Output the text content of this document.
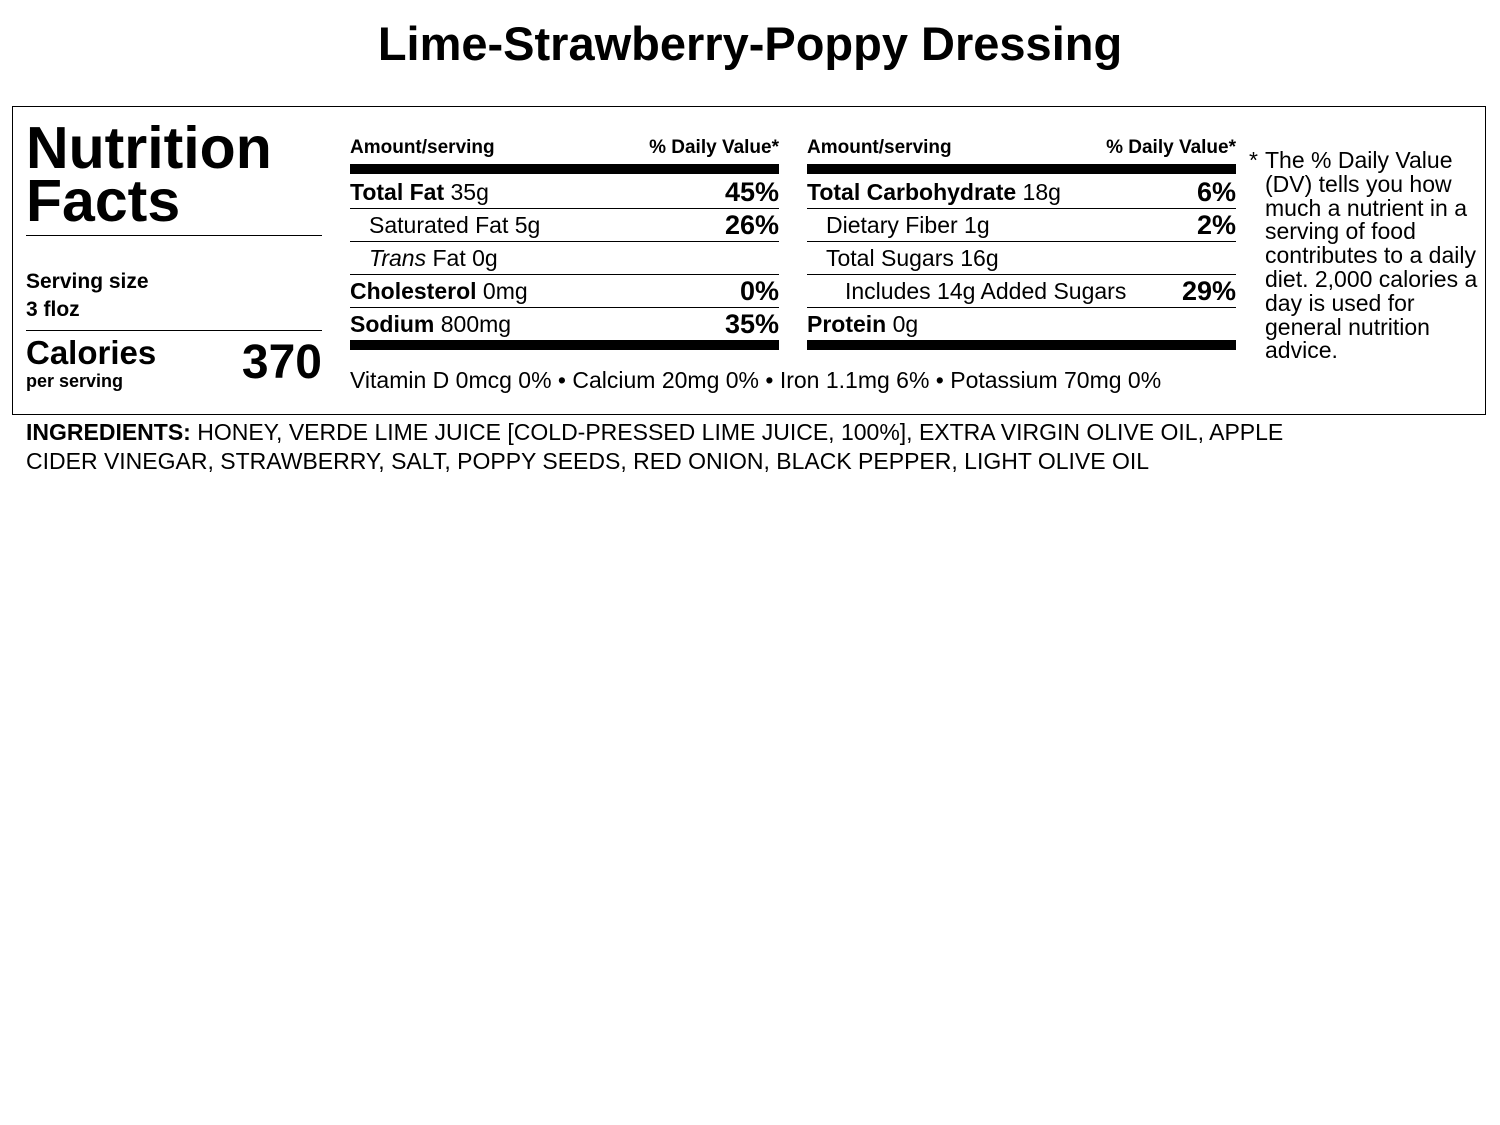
Lime-Strawberry-Poppy Dressing
Nutrition
Facts
Serving size
3 floz
Calories
per serving	370
Amount/serving	% Daily Value*
Total Fat 35g	45%
Saturated Fat 5g	26%
Trans Fat 0g
Cholesterol 0mg	0%
Sodium 800mg	35%
Amount/serving	% Daily Value*
Total Carbohydrate 18g	6%
Dietary Fiber 1g	2%
Total Sugars 16g
Includes 14g Added Sugars 29%
Protein 0g
Vitamin D 0mcg 0% • Calcium 20mg 0% • Iron 1.1mg 6% • Potassium 70mg 0%
* The % Daily Value (DV) tells you how much a nutrient in a serving of food contributes to a daily diet. 2,000 calories a day is used for general nutrition advice.
INGREDIENTS: HONEY, VERDE LIME JUICE [COLD-PRESSED LIME JUICE, 100%], EXTRA VIRGIN OLIVE OIL, APPLE CIDER VINEGAR, STRAWBERRY, SALT, POPPY SEEDS, RED ONION, BLACK PEPPER, LIGHT OLIVE OIL
